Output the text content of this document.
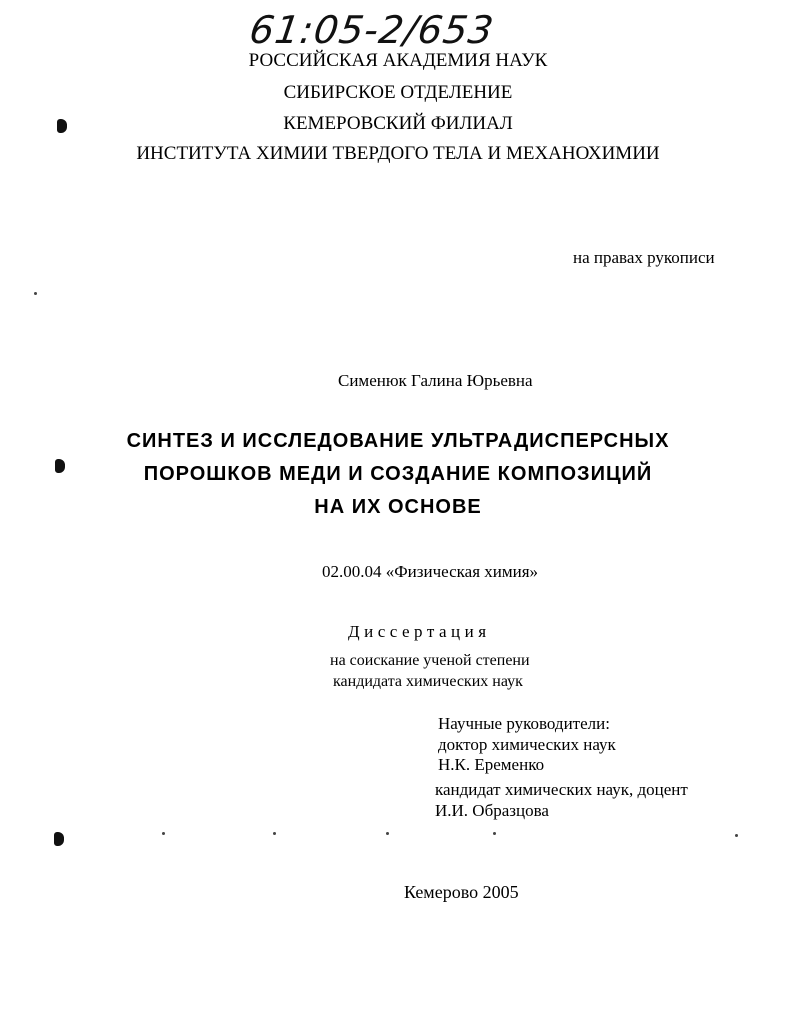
61:05-2/653
РОССИЙСКАЯ АКАДЕМИЯ НАУК
СИБИРСКОЕ ОТДЕЛЕНИЕ
КЕМЕРОВСКИЙ ФИЛИАЛ
ИНСТИТУТА ХИМИИ ТВЕРДОГО ТЕЛА И МЕХАНОХИМИИ
на правах рукописи
Сименюк Галина Юрьевна
СИНТЕЗ И ИССЛЕДОВАНИЕ УЛЬТРАДИСПЕРСНЫХ
ПОРОШКОВ МЕДИ И СОЗДАНИЕ КОМПОЗИЦИЙ
НА ИХ ОСНОВЕ
02.00.04 «Физическая химия»
Диссертация
на соискание ученой степени
кандидата химических наук
Научные руководители:
доктор химических наук
Н.К. Еременко
кандидат химических наук, доцент
И.И. Образцова
Кемерово 2005
